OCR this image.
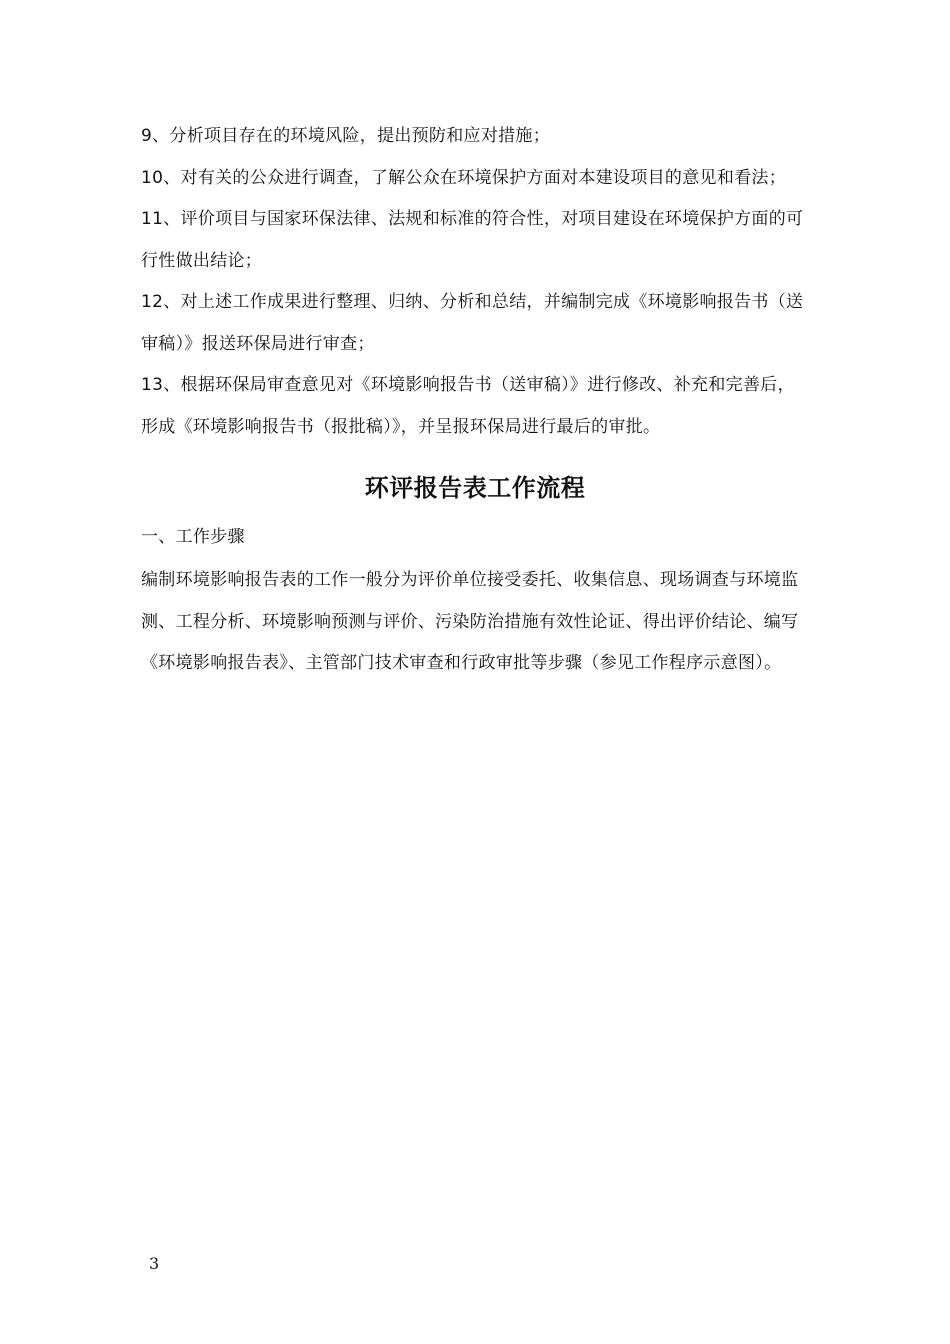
9、分析项目存在的环境风险，提出预防和应对措施；

10、对有关的公众进行调查，了解公众在环境保护方面对本建设项目的意见和看法；

11、评价项目与国家环保法律、法规和标准的符合性，对项目建设在环境保护方面的可行性做出结论；

12、对上述工作成果进行整理、归纳、分析和总结，并编制完成《环境影响报告书（送审稿）》报送环保局进行审查；

13、根据环保局审查意见对《环境影响报告书（送审稿）》进行修改、补充和完善后，形成《环境影响报告书（报批稿）》，并呈报环保局进行最后的审批。

环评报告表工作流程

一、工作步骤

编制环境影响报告表的工作一般分为评价单位接受委托、收集信息、现场调查与环境监测、工程分析、环境影响预测与评价、污染防治措施有效性论证、得出评价结论、编写《环境影响报告表》、主管部门技术审查和行政审批等步骤（参见工作程序示意图）。

3
